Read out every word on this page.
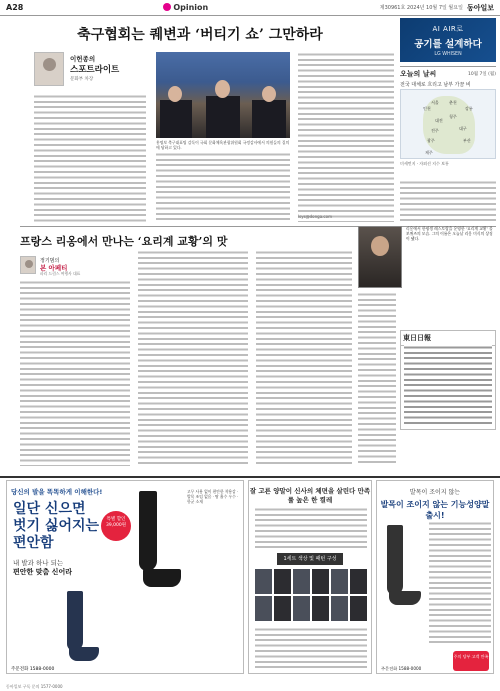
A28	Opinion	제30961호 2024년 10월 7일 월요일 동아일보
축구협회는 퀘변과 ‘버티기 쇼’ 그만하라
이헌종의
스포트라이트
문화부 차장
홍명보 축구대표팀 감독이 국회 문화체육관광위원회 국정감사에서 의원들의 질의에 답하고 있다.
lsys@donga.com
AI AIR로
공기를 설계하다
LG WHISEN
오늘의 날씨	10월 7일 (월)
전국 대체로 흐리고 남부 가끔 비
서울
인천
춘천
강릉
대전
청주
전주
광주
대구
부산
제주
미세먼지 · 자외선 지수 보통
프랑스 리옹에서 만나는 ‘요리계 교황’의 맛
정기범의
본 아페티
파리 드림스 여행사 대표
리옹에서 한평생 레스토랑을 운영한 ‘요리계 교황’ 폴 보퀴즈의 모습. 그의 이름은 오늘날 리옹 미식의 상징이 됐다.
東日日報
당신의 발을 똑똑하게 이해한다!
일단 신으면 벗기 싫어지는 편안함
내 발과 하나 되는
편안한 맞춤 신어라
특별 할인 39,000원
고무 사용 없이 편안한 착용감 · 발목 조임 없음 · 땀 흡수 우수 · 항균 소재
주문전화 1588-0000
잘 고른 양말이 신사의 체면을 살린다 만족률 높은 한 켤레
1세트 색상 및 패턴 구성
발목이 조이지 않는
발목이 조이지 않는 기능성양말 출시!
주의 당부 고객 만족
주문전화 1588-0000
동아일보 구독 문의 1577-0000
